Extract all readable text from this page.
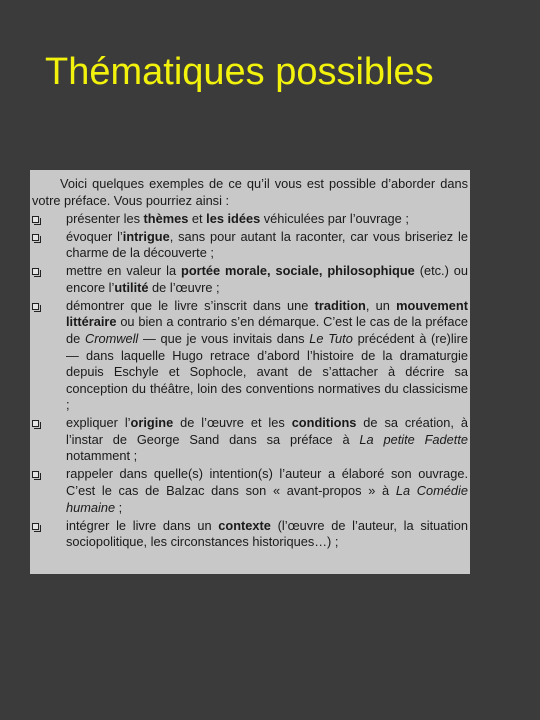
Thématiques possibles

Voici quelques exemples de ce qu’il vous est possible d’aborder dans votre préface. Vous pourriez ainsi :

présenter les thèmes et les idées véhiculées par l’ouvrage ;
évoquer l’intrigue, sans pour autant la raconter, car vous briseriez le charme de la découverte ;
mettre en valeur la portée morale, sociale, philosophique (etc.) ou encore l’utilité de l’œuvre ;
démontrer que le livre s’inscrit dans une tradition, un mouvement littéraire ou bien a contrario s’en démarque. C’est le cas de la préface de Cromwell — que je vous invitais dans Le Tuto précédent à (re)lire — dans laquelle Hugo retrace d’abord l’histoire de la dramaturgie depuis Eschyle et Sophocle, avant de s’attacher à décrire sa conception du théâtre, loin des conventions normatives du classicisme ;
expliquer l’origine de l’œuvre et les conditions de sa création, à l’instar de George Sand dans sa préface à La petite Fadette notamment ;
rappeler dans quelle(s) intention(s) l’auteur a élaboré son ouvrage. C’est le cas de Balzac dans son « avant-propos » à La Comédie humaine ;
intégrer le livre dans un contexte (l’œuvre de l’auteur, la situation sociopolitique, les circonstances historiques…) ;
